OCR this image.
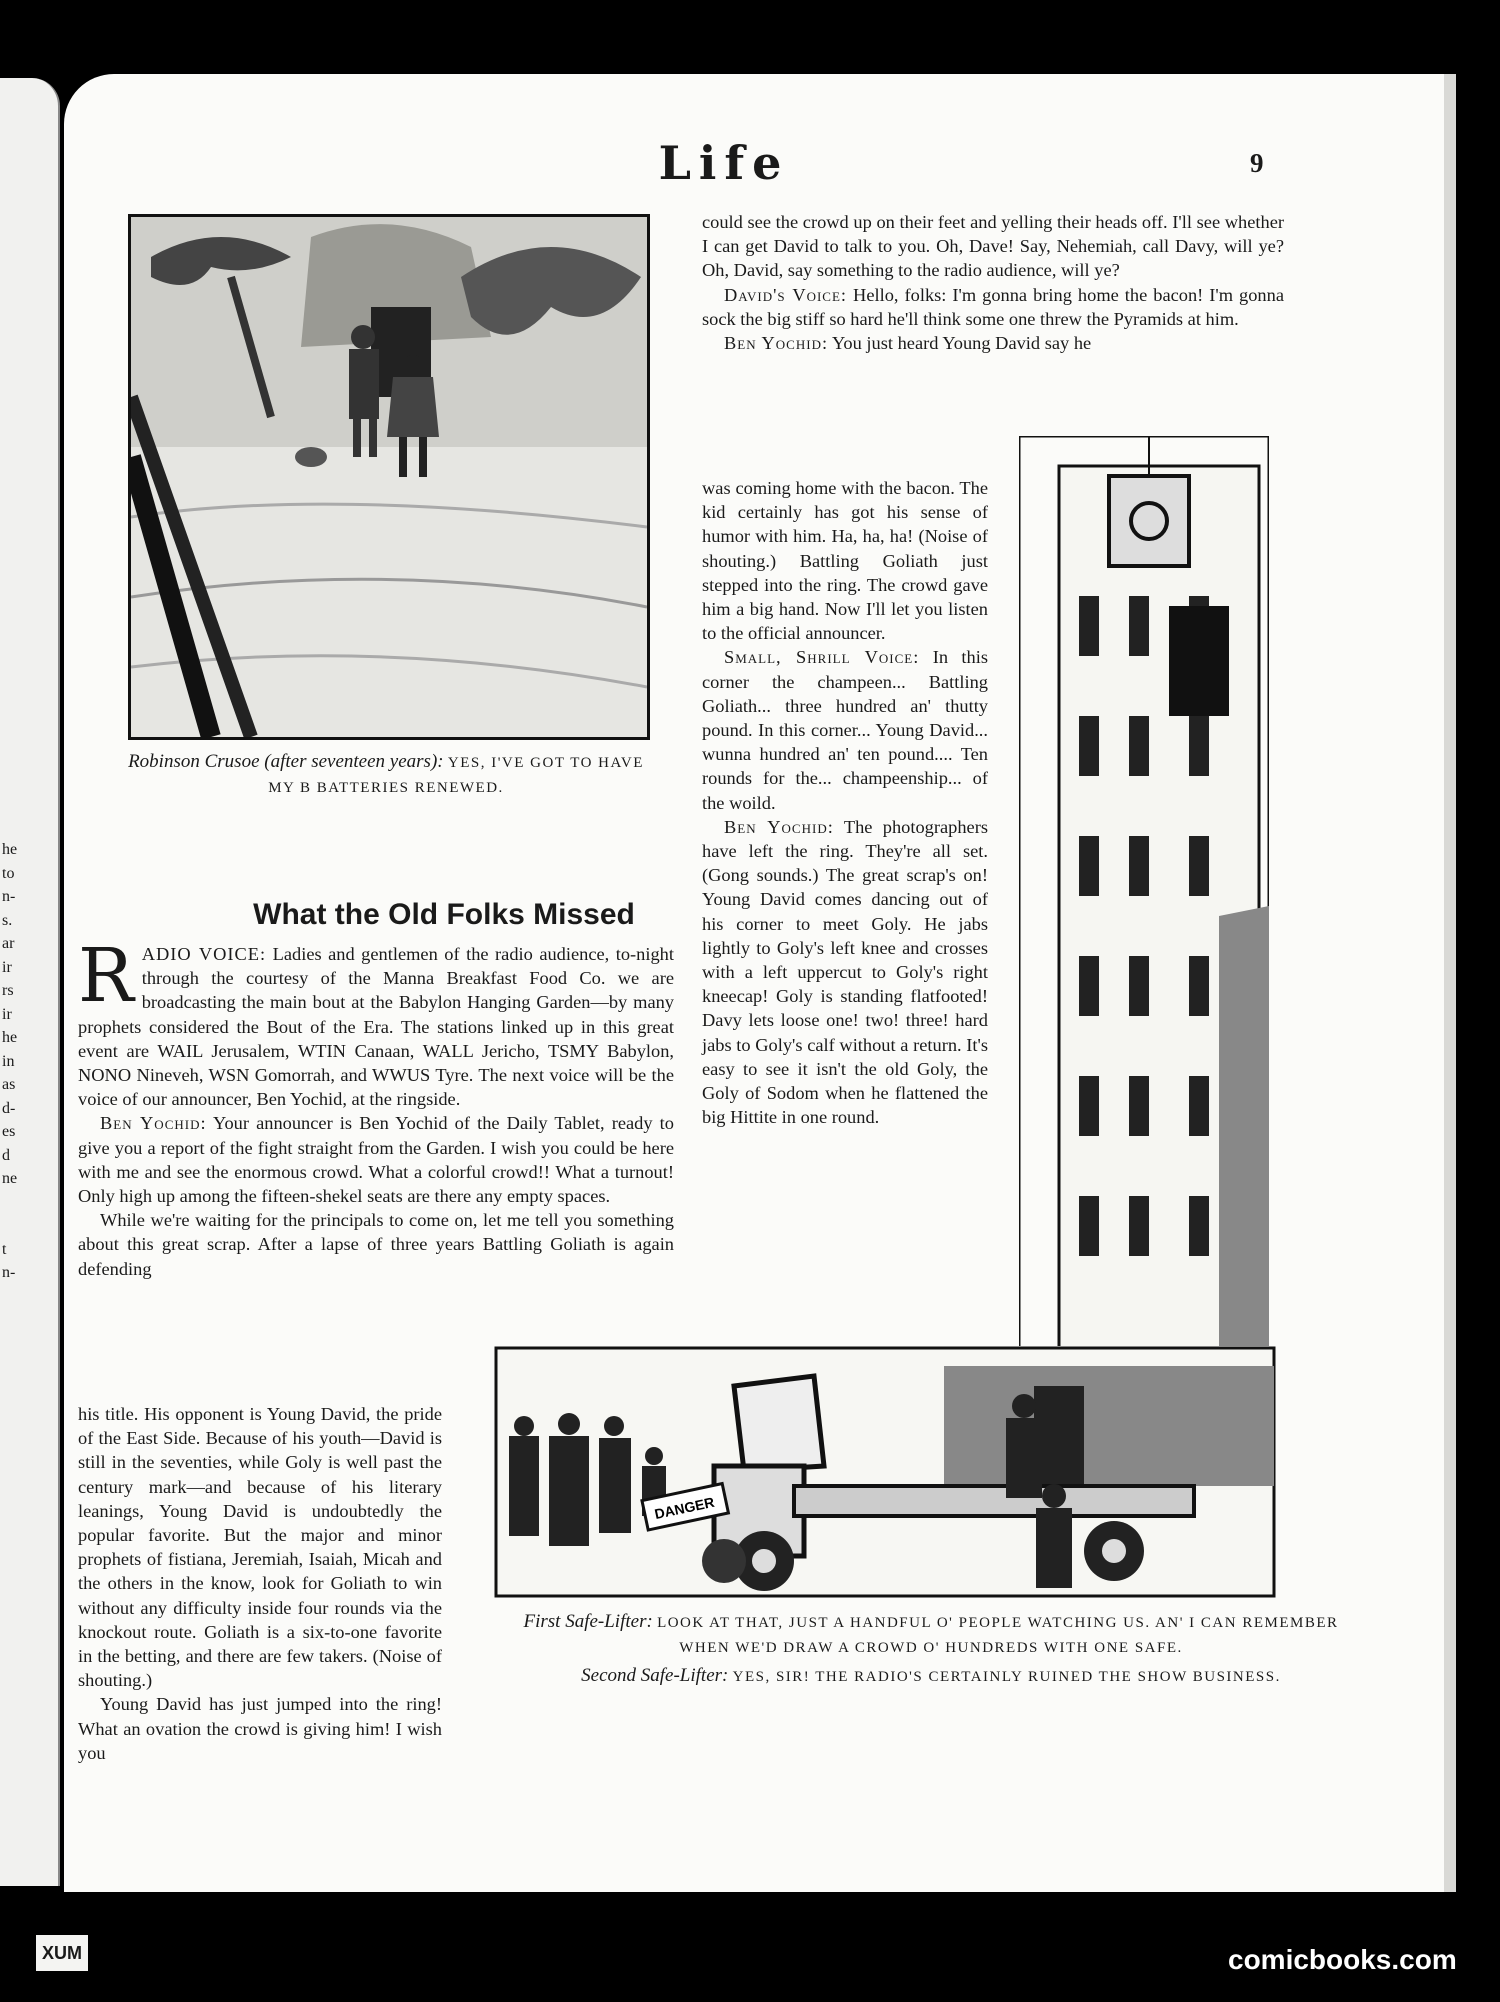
he
to
n-
s.
ar
ir
rs
ir
he
in
as
d-
es
d
ne
t
n-
Life	9
Robinson Crusoe (after seventeen years): YES, I'VE GOT TO HAVE MY B BATTERIES RENEWED.
What the Old Folks Missed
R ADIO VOICE: Ladies and gentlemen of the radio audience, to-night through the courtesy of the Manna Breakfast Food Co. we are broadcasting the main bout at the Babylon Hanging Garden—by many prophets considered the Bout of the Era. The stations linked up in this great event are WAIL Jerusalem, WTIN Canaan, WALL Jericho, TSMY Babylon, NONO Nineveh, WSN Gomorrah, and WWUS Tyre. The next voice will be the voice of our announcer, Ben Yochid, at the ringside.

Ben Yochid: Your announcer is Ben Yochid of the Daily Tablet, ready to give you a report of the fight straight from the Garden. I wish you could be here with me and see the enormous crowd. What a colorful crowd!! What a turnout! Only high up among the fifteen-shekel seats are there any empty spaces.

While we're waiting for the principals to come on, let me tell you something about this great scrap. After a lapse of three years Battling Goliath is again defending

his title. His opponent is Young David, the pride of the East Side. Because of his youth—David is still in the seventies, while Goly is well past the century mark—and because of his literary leanings, Young David is undoubtedly the popular favorite. But the major and minor prophets of fistiana, Jeremiah, Isaiah, Micah and the others in the know, look for Goliath to win without any difficulty inside four rounds via the knockout route. Goliath is a six-to-one favorite in the betting, and there are few takers. (Noise of shouting.)

Young David has just jumped into the ring! What an ovation the crowd is giving him! I wish you

could see the crowd up on their feet and yelling their heads off. I'll see whether I can get David to talk to you. Oh, Dave! Say, Nehemiah, call Davy, will ye? Oh, David, say something to the radio audience, will ye?

David's Voice: Hello, folks: I'm gonna bring home the bacon! I'm gonna sock the big stiff so hard he'll think some one threw the Pyramids at him.

Ben Yochid: You just heard Young David say he

was coming home with the bacon. The kid certainly has got his sense of humor with him. Ha, ha, ha! (Noise of shouting.) Battling Goliath just stepped into the ring. The crowd gave him a big hand. Now I'll let you listen to the official announcer.

Small, Shrill Voice: In this corner the champeen... Battling Goliath... three hundred an' thutty pound. In this corner... Young David... wunna hundred an' ten pound.... Ten rounds for the... champeenship... of the woild.

Ben Yochid: The photographers have left the ring. They're all set. (Gong sounds.) The great scrap's on! Young David comes dancing out of his corner to meet Goly. He jabs lightly to Goly's left knee and crosses with a left uppercut to Goly's right kneecap! Goly is standing flatfooted! Davy lets loose one! two! three! hard jabs to Goly's calf without a return. It's easy to see it isn't the old Goly, the Goly of Sodom when he flattened the big Hittite in one round.

DANGER
First Safe-Lifter: LOOK AT THAT, JUST A HANDFUL O' PEOPLE WATCHING US. AN' I CAN REMEMBER WHEN WE'D DRAW A CROWD O' HUNDREDS WITH ONE SAFE.
Second Safe-Lifter: YES, SIR! THE RADIO'S CERTAINLY RUINED THE SHOW BUSINESS.
XUM	comicbooks.com
